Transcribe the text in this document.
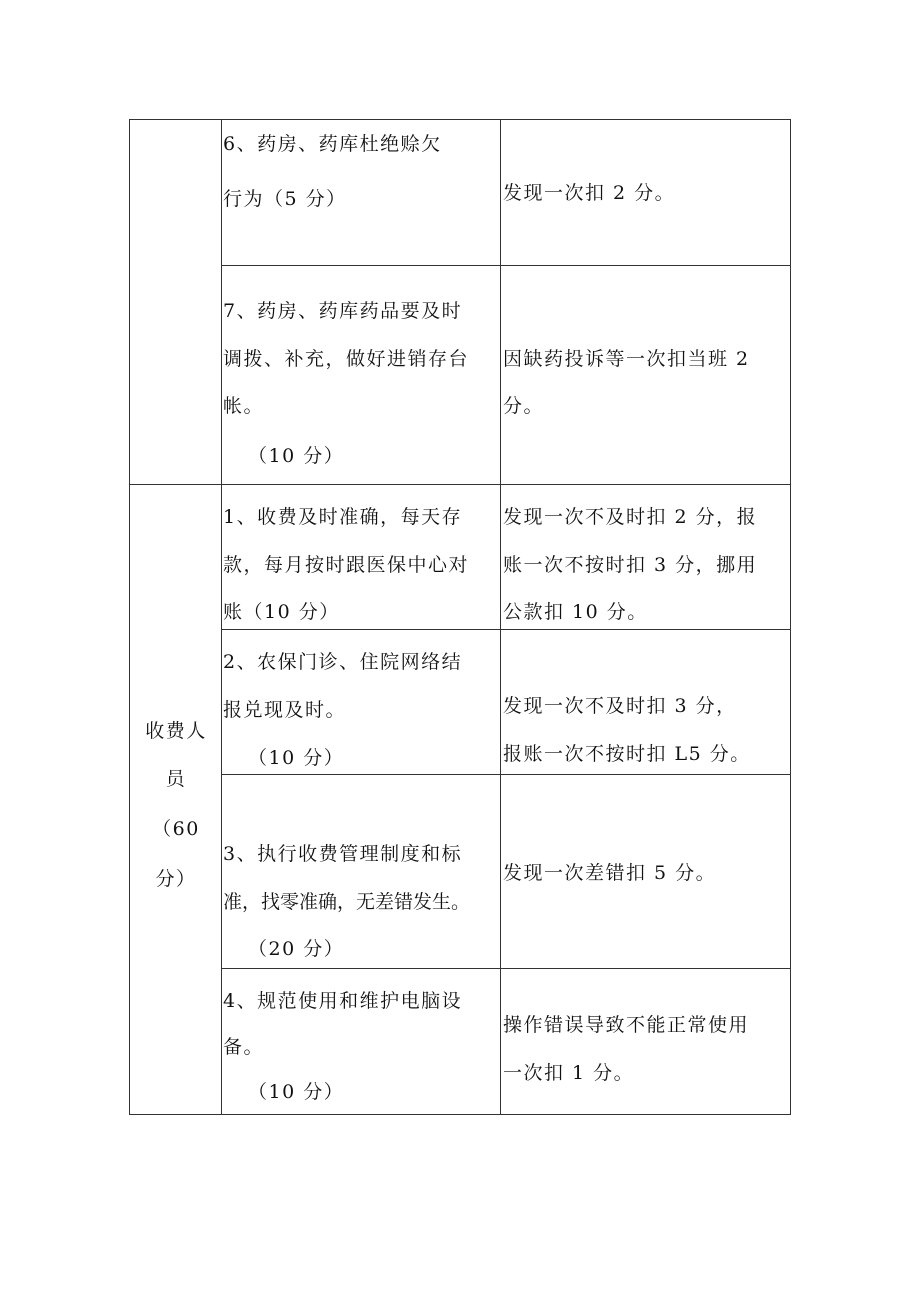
6、药房、药库杜绝赊欠
行为（5 分）	发现一次扣 2 分。
7、药房、药库药品要及时
调拨、补充，做好进销存台
帐。
（10 分）
因缺药投诉等一次扣当班 2
分。
收费人
员
（60
分）
1、收费及时准确，每天存
款，每月按时跟医保中心对
账（10 分）
发现一次不及时扣 2 分，报
账一次不按时扣 3 分，挪用
公款扣 10 分。
2、农保门诊、住院网络结
报兑现及时。
（10 分）
发现一次不及时扣 3 分，
报账一次不按时扣 L5 分。
3、执行收费管理制度和标
准，找零准确，无差错发生。
（20 分）
发现一次差错扣 5 分。
4、规范使用和维护电脑设
备。
（10 分）
操作错误导致不能正常使用
一次扣 1 分。
